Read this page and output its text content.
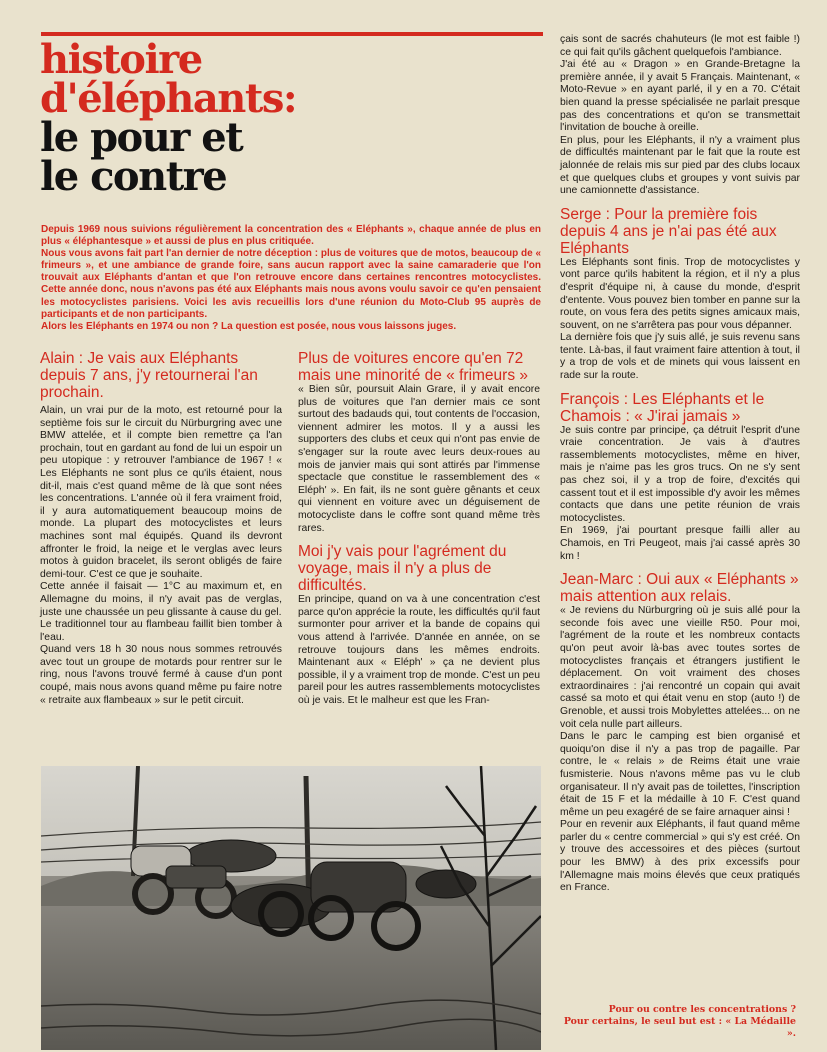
histoire
d'éléphants:
le pour et
le contre

Depuis 1969 nous suivions régulièrement la concentration des « Eléphants », chaque année de plus en plus « éléphantesque » et aussi de plus en plus critiquée.

Nous vous avons fait part l'an dernier de notre déception : plus de voitures que de motos, beaucoup de « frimeurs », et une ambiance de grande foire, sans aucun rapport avec la saine camaraderie que l'on trouvait aux Eléphants d'antan et que l'on retrouve encore dans certaines rencontres motocyclistes. Cette année donc, nous n'avons pas été aux Eléphants mais nous avons voulu savoir ce qu'en pensaient les motocyclistes parisiens. Voici les avis recueillis lors d'une réunion du Moto-Club 95 auprès de participants et de non participants.

Alors les Eléphants en 1974 ou non ? La question est posée, nous vous laissons juges.

Alain : Je vais aux Eléphants depuis 7 ans, j'y retournerai l'an prochain.

Alain, un vrai pur de la moto, est retourné pour la septième fois sur le circuit du Nürburgring avec une BMW attelée, et il compte bien remettre ça l'an prochain, tout en gardant au fond de lui un espoir un peu utopique : y retrouver l'ambiance de 1967 ! « Les Eléphants ne sont plus ce qu'ils étaient, nous dit-il, mais c'est quand même de là que sont nées les concentrations. L'année où il fera vraiment froid, il y aura automatiquement beaucoup moins de monde. La plupart des motocyclistes et leurs machines sont mal équipés. Quand ils devront affronter le froid, la neige et le verglas avec leurs motos à guidon bracelet, ils seront obligés de faire demi-tour. C'est ce que je souhaite.

Cette année il faisait — 1°C au maximum et, en Allemagne du moins, il n'y avait pas de verglas, juste une chaussée un peu glissante à cause du gel.

Le traditionnel tour au flambeau faillit bien tomber à l'eau.

Quand vers 18 h 30 nous nous sommes retrouvés avec tout un groupe de motards pour rentrer sur le ring, nous l'avons trouvé fermé à cause d'un pont coupé, mais nous avons quand même pu faire notre « retraite aux flambeaux » sur le petit circuit.

Plus de voitures encore qu'en 72 mais une minorité de « frimeurs »

« Bien sûr, poursuit Alain Grare, il y avait encore plus de voitures que l'an dernier mais ce sont surtout des badauds qui, tout contents de l'occasion, viennent admirer les motos. Il y a aussi les supporters des clubs et ceux qui n'ont pas envie de s'engager sur la route avec leurs deux-roues au mois de janvier mais qui sont attirés par l'immense spectacle que constitue le rassemblement des « Eléph' ». En fait, ils ne sont guère gênants et ceux qui viennent en voiture avec un déguisement de motocycliste dans le coffre sont quand même très rares.

Moi j'y vais pour l'agrément du voyage, mais il n'y a plus de difficultés.

En principe, quand on va à une concentration c'est parce qu'on apprécie la route, les difficultés qu'il faut surmonter pour arriver et la bande de copains qui vous attend à l'arrivée. D'année en année, on se retrouve toujours dans les mêmes endroits. Maintenant aux « Eléph' » ça ne devient plus possible, il y a vraiment trop de monde. C'est un peu pareil pour les autres rassemblements motocyclistes où je vais. Et le malheur est que les Fran-

çais sont de sacrés chahuteurs (le mot est faible !) ce qui fait qu'ils gâchent quelquefois l'ambiance.

J'ai été au « Dragon » en Grande-Bretagne la première année, il y avait 5 Français. Maintenant, « Moto-Revue » en ayant parlé, il y en a 70. C'était bien quand la presse spécialisée ne parlait presque pas des concentrations et qu'on se transmettait l'invitation de bouche à oreille.

En plus, pour les Eléphants, il n'y a vraiment plus de difficultés maintenant par le fait que la route est jalonnée de relais mis sur pied par des clubs locaux et que quelques clubs et groupes y vont suivis par une camionnette d'assistance.

Serge : Pour la première fois depuis 4 ans je n'ai pas été aux Eléphants

Les Eléphants sont finis. Trop de motocyclistes y vont parce qu'ils habitent la région, et il n'y a plus d'esprit d'équipe ni, à cause du monde, d'esprit d'entente. Vous pouvez bien tomber en panne sur la route, on vous fera des petits signes amicaux mais, souvent, on ne s'arrêtera pas pour vous dépanner.

La dernière fois que j'y suis allé, je suis revenu sans tente. Là-bas, il faut vraiment faire attention à tout, il y a trop de vols et de minets qui vous laissent en rade sur la route.

François : Les Eléphants et le Chamois : « J'irai jamais »

Je suis contre par principe, ça détruit l'esprit d'une vraie concentration. Je vais à d'autres rassemblements motocyclistes, même en hiver, mais je n'aime pas les gros trucs. On ne s'y sent pas chez soi, il y a trop de foire, d'excités qui cassent tout et il est impossible d'y avoir les mêmes contacts que dans une petite réunion de vrais motocyclistes.

En 1969, j'ai pourtant presque failli aller au Chamois, en Tri Peugeot, mais j'ai cassé après 30 km !

Jean-Marc : Oui aux « Eléphants » mais attention aux relais.

« Je reviens du Nürburgring où je suis allé pour la seconde fois avec une vieille R50. Pour moi, l'agrément de la route et les nombreux contacts qu'on peut avoir là-bas avec toutes sortes de motocyclistes français et étrangers justifient le déplacement. On voit vraiment des choses extraordinaires : j'ai rencontré un copain qui avait cassé sa moto et qui était venu en stop (auto !) de Grenoble, et aussi trois Mobylettes attelées... on ne voit cela nulle part ailleurs.

Dans le parc le camping est bien organisé et quoiqu'on dise il n'y a pas trop de pagaille. Par contre, le « relais » de Reims était une vraie fusmisterie. Nous n'avons même pas vu le club organisateur. Il n'y avait pas de toilettes, l'inscription était de 15 F et la médaille à 10 F. C'est quand même un peu exagéré de se faire arnaquer ainsi !

Pour en revenir aux Eléphants, il faut quand même parler du « centre commercial » qui s'y est créé. On y trouve des accessoires et des pièces (surtout pour les BMW) à des prix excessifs pour l'Allemagne mais moins élevés que ceux pratiqués en France.

Pour ou contre les concentrations ?

Pour certains, le seul but est : « La Médaille ».
